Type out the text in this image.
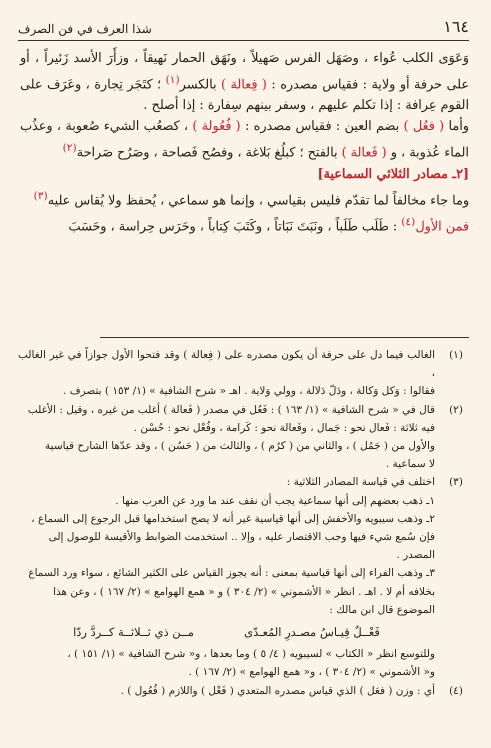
١٦٤
شذا العرف في فن الصرف

وَعَوَى الكلب عُواء ، وصَهَل الفرس صَهيلاً ، ونَهَق الحمار نَهيقاً ، وزأَرَ الأسد زَئيراً ، أو على حرفة أو ولاية : فقياس مصدره : ( فِعالة ) بالكسر$^{(١)}$ ؛ كتَجَر تِجارة ، وعَرَف على القوم عِرافة : إذا تكلم عليهم ، وسفر بينهم سِفارة : إذا أصلح .

وأما ( فعُل ) بضم العين : فقياس مصدره : ( فُعُولة ) ، كصعُب الشيء صُعوبة ، وعذُب الماء عُذوبة ، و ( فَعالة ) بالفتح ؛ كبلُغ بَلاغة ، وفصُح فَصاحة ، وصَرُح صَراحة$^{(٢)}$

[٢ـ مصادر الثلاثي السماعية]

وما جاء مخالفاً لما تقدّم فليس بقياسي ، وإنما هو سماعي ، يُحفظ ولا يُقاس عليه$^{(٣)}$

فمن الأول$^{(٤)}$ : طَلَب طَلَباً ، ونَبَتَ نَبَاتاً ، وكَتَبَ كِتاباً ، وحَرَس حِراسة ، وحَسَبَ

(١)

الغالب فيما دل على حرفة أن يكون مصدره على ( فِعالة ) وقد فتحوا الأول جوازاً في غير الغالب ،

فقالوا : وَكل وَكالة ، ودَلّ دَلالة ، وولي وَلاية . اهـ « شرح الشافية » (١/ ١٥٣ ) بتصرف .

(٢)

قال في « شرح الشافية » (١/ ١٦٣ ) : فَعُل في مصدر ( فَعالة ) أغلب من غيره ، وقيل : الأغلب

فيه ثلاثة : فَعال نحو : جَمال ، وفَعالة نحو : كَرامة ، وفُعْل نحو : حُسْن .

والأول من ( جَمُل ) ، والثاني من ( كرُم ) ، والثالث من ( حَسُن ) ، وقد عدّها الشارح قياسية

لا سماعية .

(٣)

اختلف في قياسة المصادر الثلاثية :

١ـ ذهب بعضهم إلى أنها سماعية يجب أن نقف عند ما ورد عن العرب منها .

٢ـ وذهب سيبويه والأخفش إلى أنها قياسية غير أنه لا يصح استخدامها قبل الرجوع إلى السماع ،

فإن سُمع شيء فيها وجب الاقتصار عليه ، وإلا .. استخدمت الضوابط والأقيسة للوصول إلى

المصدر .

٣ـ وذهب الفراء إلى أنها قياسية بمعنى : أنه يجوز القياس على الكثير الشائع ، سواء ورد السماع

بخلافه أم لا . اهـ . انظر « الأشموني » (٢/ ٣٠٤ ) و « همع الهوامع » (٢/ ١٦٧ ) ، وعن هذا

الموضوع قال ابن مالك :

فَعْــلٌ قِيـاسُ مصـدرِ المُعـدّى
مــن ذي ثــلاثــة كــردَّ ردّا

وللتوسع انظر « الكتاب » لسيبويه ( ٤/ ٥ ) وما بعدها ، و« شرح الشافية » (١/ ١٥١ ) ،

و« الأشموني » (٢/ ٣٠٤ ) ، و« همع الهوامع » (٢/ ١٦٧ ) .

(٤)

أي : وزن ( فعَل ) الذي قياس مصدره المتعدي ( فَعْل ) واللازم ( فُعُول ) .
